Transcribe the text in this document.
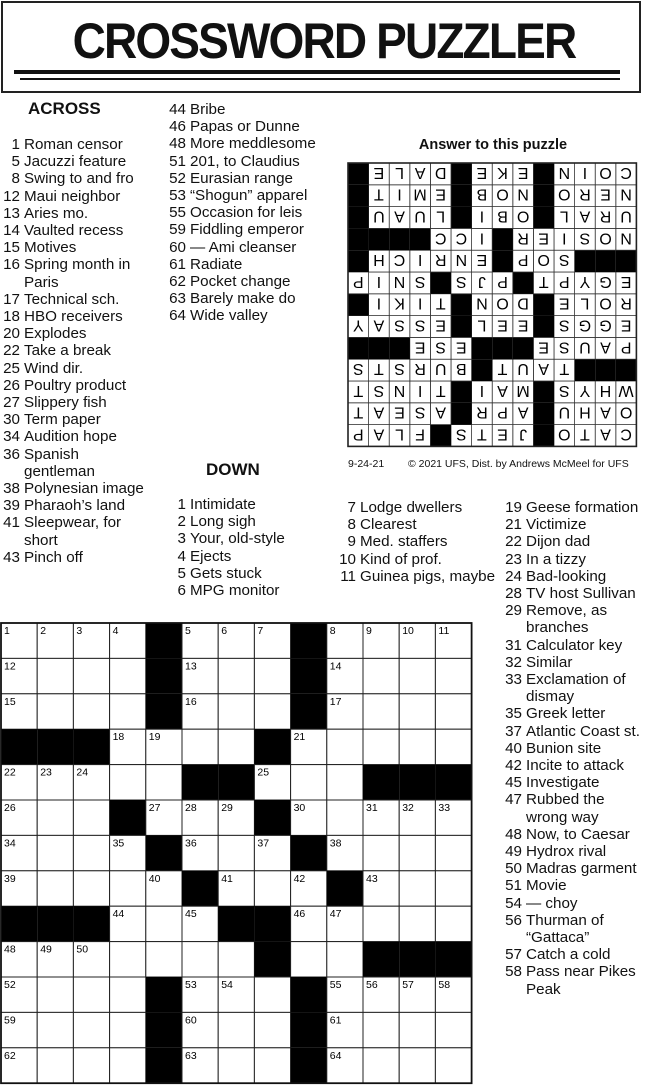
CROSSWORD PUZZLER
ACROSS
DOWN
1 Roman censor
5 Jacuzzi feature
8 Swing to and fro
12 Maui neighbor
13 Aries mo.
14 Vaulted recess
15 Motives
16 Spring month in Paris
17 Technical sch.
18 HBO receivers
20 Explodes
22 Take a break
25 Wind dir.
26 Poultry product
27 Slippery fish
30 Term paper
34 Audition hope
36 Spanish gentleman
38 Polynesian image
39 Pharaoh’s land
41 Sleepwear, for short
43 Pinch off
44 Bribe
46 Papas or Dunne
48 More meddlesome
51 201, to Claudius
52 Eurasian range
53 “Shogun” apparel
55 Occasion for leis
59 Fiddling emperor
60 — Ami cleanser
61 Radiate
62 Pocket change
63 Barely make do
64 Wide valley
1 Intimidate
2 Long sigh
3 Your, old-style
4 Ejects
5 Gets stuck
6 MPG monitor
7 Lodge dwellers
8 Clearest
9 Med. staffers
10 Kind of prof.
11 Guinea pigs, maybe
19 Geese formation
21 Victimize
22 Dijon dad
23 In a tizzy
24 Bad-looking
28 TV host Sullivan
29 Remove, as branches
31 Calculator key
32 Similar
33 Exclamation of dismay
35 Greek letter
37 Atlantic Coast st.
40 Bunion site
42 Incite to attack
45 Investigate
47 Rubbed the wrong way
48 Now, to Caesar
49 Hydrox rival
50 Madras garment
51 Movie
54 — choy
56 Thurman of “Gattaca”
57 Catch a cold
58 Pass near Pikes Peak
Answer to this puzzle
C
A
T
O
J
E
T
S
F
L
A
P
O
A
H
U
A
P
R
A
S
E
A
T
W
H
Y
S
M
A
I
T
I
N
S
T
T
A
U
T
B
U
R
S
T
S
P
A
U
S
E
E
S
E
E
G
G
S
E
E
L
E
S
S
A
Y
R
O
L
E
D
O
N
T
I
K
I
E
G
Y
P
T
P
J
S
S
N
I
P
S
O
P
E
N
R
I
C
H
N
O
S
I
E
R
I
C
C
U
R
A
L
O
B
I
L
U
A
U
N
E
R
O
N
O
B
E
M
I
T
C
O
I
N
E
K
E
D
A
L
E
9-24-21 © 2021 UFS, Dist. by Andrews McMeel for UFS
1	2	3	4	5	6	7	8	9	10 11
12	13	14
15	16	17
18 19	20 21
22 23 24	25
26	27 28 29	30	31 32 33
34	35	36	37	38
39	40	41	42	43
44	45	46 47
48 49 50	51
52	53 54	55 56 57 58
59	60	61
62	63	64
